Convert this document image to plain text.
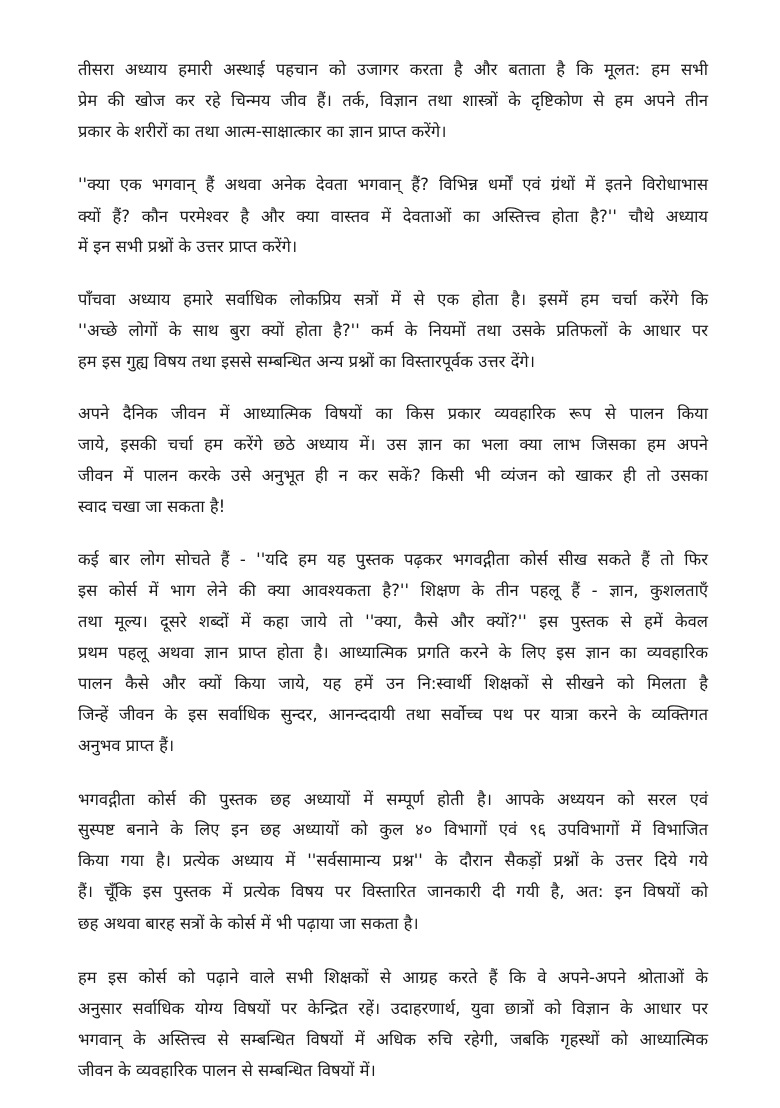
तीसरा अध्याय हमारी अस्थाई पहचान को उजागर करता है और बताता है कि मूलत: हम सभी
प्रेम की खोज कर रहे चिन्मय जीव हैं। तर्क, विज्ञान तथा शास्त्रों के दृष्टिकोण से हम अपने तीन
प्रकार के शरीरों का तथा आत्म-साक्षात्कार का ज्ञान प्राप्त करेंगे।
''क्या एक भगवान् हैं अथवा अनेक देवता भगवान् हैं? विभिन्न धर्मों एवं ग्रंथों में इतने विरोधाभास
क्यों हैं? कौन परमेश्वर है और क्या वास्तव में देवताओं का अस्तित्त्व होता है?'' चौथे अध्याय
में इन सभी प्रश्नों के उत्तर प्राप्त करेंगे।
पाँचवा अध्याय हमारे सर्वाधिक लोकप्रिय सत्रों में से एक होता है। इसमें हम चर्चा करेंगे कि
''अच्छे लोगों के साथ बुरा क्यों होता है?'' कर्म के नियमों तथा उसके प्रतिफलों के आधार पर
हम इस गुह्य विषय तथा इससे सम्बन्धित अन्य प्रश्नों का विस्तारपूर्वक उत्तर देंगे।
अपने दैनिक जीवन में आध्यात्मिक विषयों का किस प्रकार व्यवहारिक रूप से पालन किया
जाये, इसकी चर्चा हम करेंगे छठे अध्याय में। उस ज्ञान का भला क्या लाभ जिसका हम अपने
जीवन में पालन करके उसे अनुभूत ही न कर सकें? किसी भी व्यंजन को खाकर ही तो उसका
स्वाद चखा जा सकता है!
कई बार लोग सोचते हैं - ''यदि हम यह पुस्तक पढ़कर भगवद्गीता कोर्स सीख सकते हैं तो फिर
इस कोर्स में भाग लेने की क्या आवश्यकता है?'' शिक्षण के तीन पहलू हैं - ज्ञान, कुशलताएँ
तथा मूल्य। दूसरे शब्दों में कहा जाये तो ''क्या, कैसे और क्यों?'' इस पुस्तक से हमें केवल
प्रथम पहलू अथवा ज्ञान प्राप्त होता है। आध्यात्मिक प्रगति करने के लिए इस ज्ञान का व्यवहारिक
पालन कैसे और क्यों किया जाये, यह हमें उन नि:स्वार्थी शिक्षकों से सीखने को मिलता है
जिन्हें जीवन के इस सर्वाधिक सुन्दर, आनन्ददायी तथा सर्वोच्च पथ पर यात्रा करने के व्यक्तिगत
अनुभव प्राप्त हैं।
भगवद्गीता कोर्स की पुस्तक छह अध्यायों में सम्पूर्ण होती है। आपके अध्ययन को सरल एवं
सुस्पष्ट बनाने के लिए इन छह अध्यायों को कुल ४० विभागों एवं ९६ उपविभागों में विभाजित
किया गया है। प्रत्येक अध्याय में ''सर्वसामान्य प्रश्न'' के दौरान सैकड़ों प्रश्नों के उत्तर दिये गये
हैं। चूँकि इस पुस्तक में प्रत्येक विषय पर विस्तारित जानकारी दी गयी है, अत: इन विषयों को
छह अथवा बारह सत्रों के कोर्स में भी पढ़ाया जा सकता है।
हम इस कोर्स को पढ़ाने वाले सभी शिक्षकों से आग्रह करते हैं कि वे अपने-अपने श्रोताओं के
अनुसार सर्वाधिक योग्य विषयों पर केन्द्रित रहें। उदाहरणार्थ, युवा छात्रों को विज्ञान के आधार पर
भगवान् के अस्तित्त्व से सम्बन्धित विषयों में अधिक रुचि रहेगी, जबकि गृहस्थों को आध्यात्मिक
जीवन के व्यवहारिक पालन से सम्बन्धित विषयों में।
